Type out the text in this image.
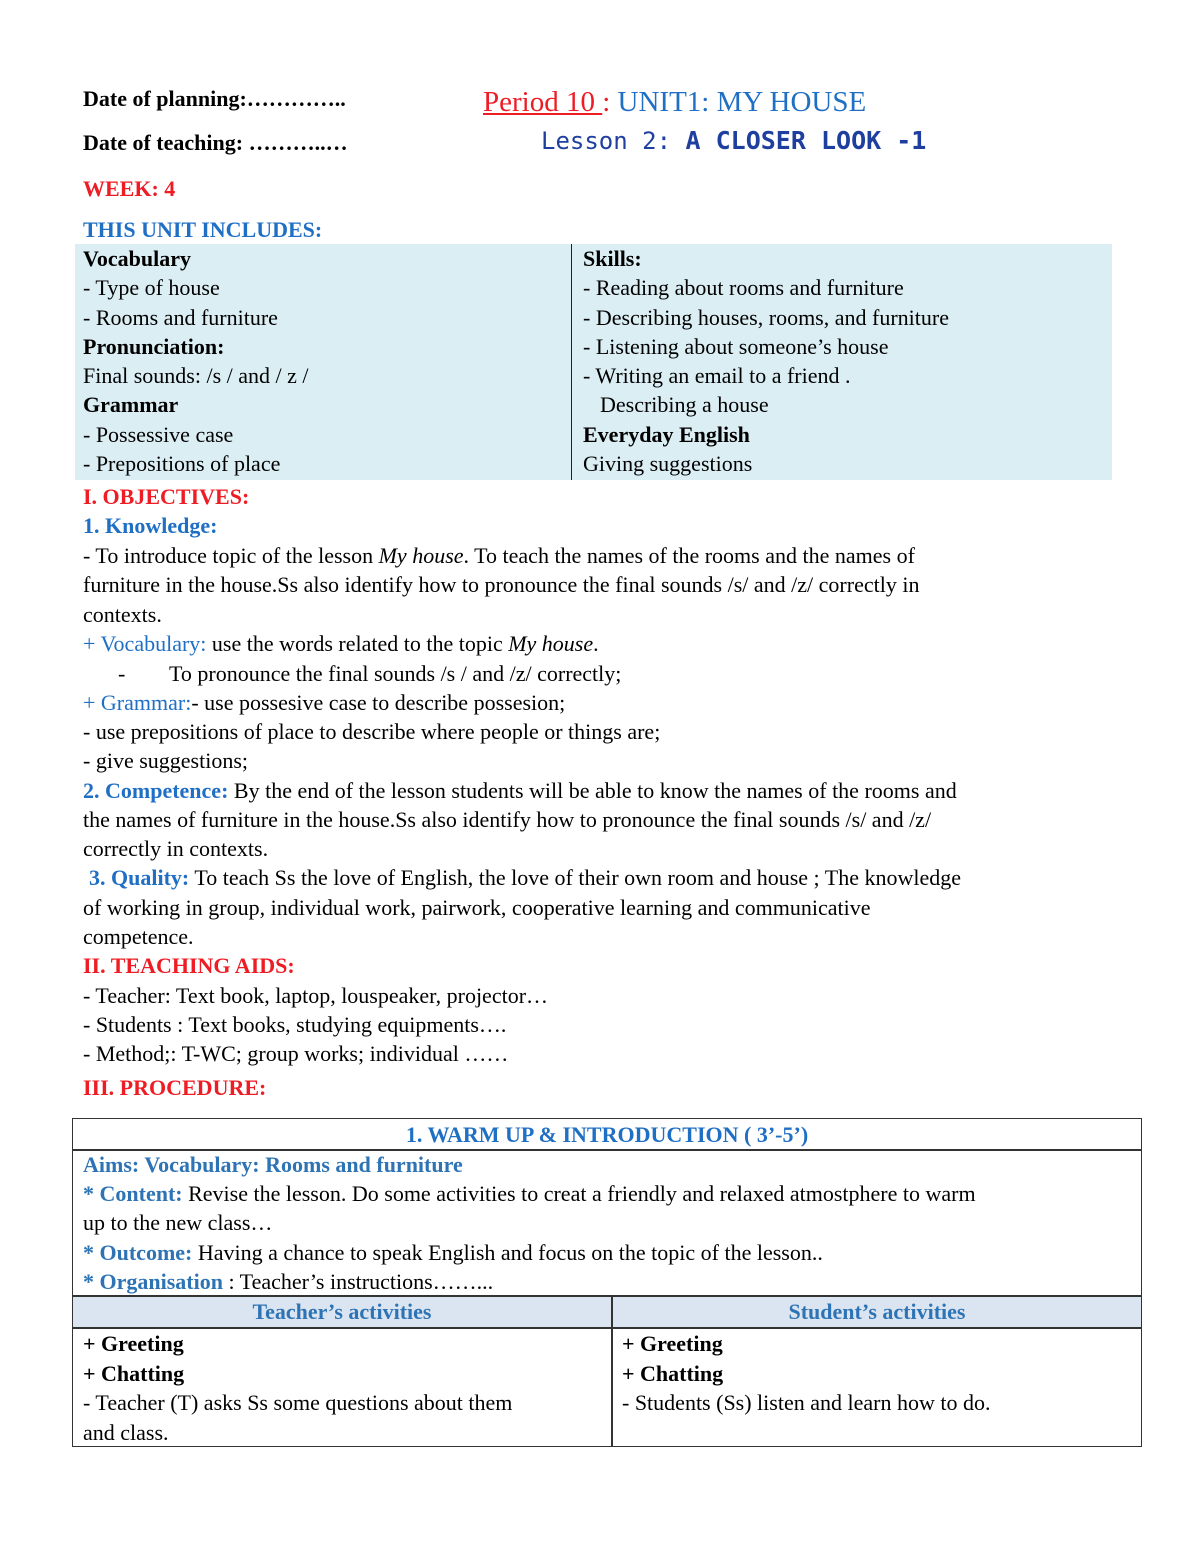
Date of planning:…………..
Date of teaching: ………..…
Period 10 : UNIT1: MY HOUSE
Lesson 2: A CLOSER LOOK -1
WEEK: 4
THIS UNIT INCLUDES:
Vocabulary
- Type of house
- Rooms and furniture
Pronunciation:
Final sounds: /s / and / z /
Grammar
- Possessive case
- Prepositions of place
Skills:
- Reading about rooms and furniture
- Describing houses, rooms, and furniture
- Listening about someone’s house
- Writing an email to a friend .
Describing a house
Everyday English
Giving suggestions
I. OBJECTIVES:
1. Knowledge:
- To introduce topic of the lesson My house. To teach the names of the rooms and the names of
furniture in the house.Ss also identify how to pronounce the final sounds /s/ and /z/ correctly in
contexts.
+ Vocabulary: use the words related to the topic My house.
- To pronounce the final sounds /s / and /z/ correctly;
+ Grammar:- use possesive case to describe possesion;
- use prepositions of place to describe where people or things are;
- give suggestions;
2. Competence: By the end of the lesson students will be able to know the names of the rooms and
the names of furniture in the house.Ss also identify how to pronounce the final sounds /s/ and /z/
correctly in contexts.
3. Quality: To teach Ss the love of English, the love of their own room and house ; The knowledge
of working in group, individual work, pairwork, cooperative learning and communicative
competence.
II. TEACHING AIDS:
- Teacher: Text book, laptop, louspeaker, projector…
- Students : Text books, studying equipments….
- Method;: T-WC; group works; individual ……
III. PROCEDURE:
1. WARM UP & INTRODUCTION ( 3’-5’)
Aims: Vocabulary: Rooms and furniture
* Content: Revise the lesson. Do some activities to creat a friendly and relaxed atmostphere to warm
up to the new class…
* Outcome: Having a chance to speak English and focus on the topic of the lesson..
* Organisation : Teacher’s instructions……...
Teacher’s activities	Student’s activities
+ Greeting
+ Chatting
- Teacher (T) asks Ss some questions about them
and class.
+ Greeting
+ Chatting
- Students (Ss) listen and learn how to do.
